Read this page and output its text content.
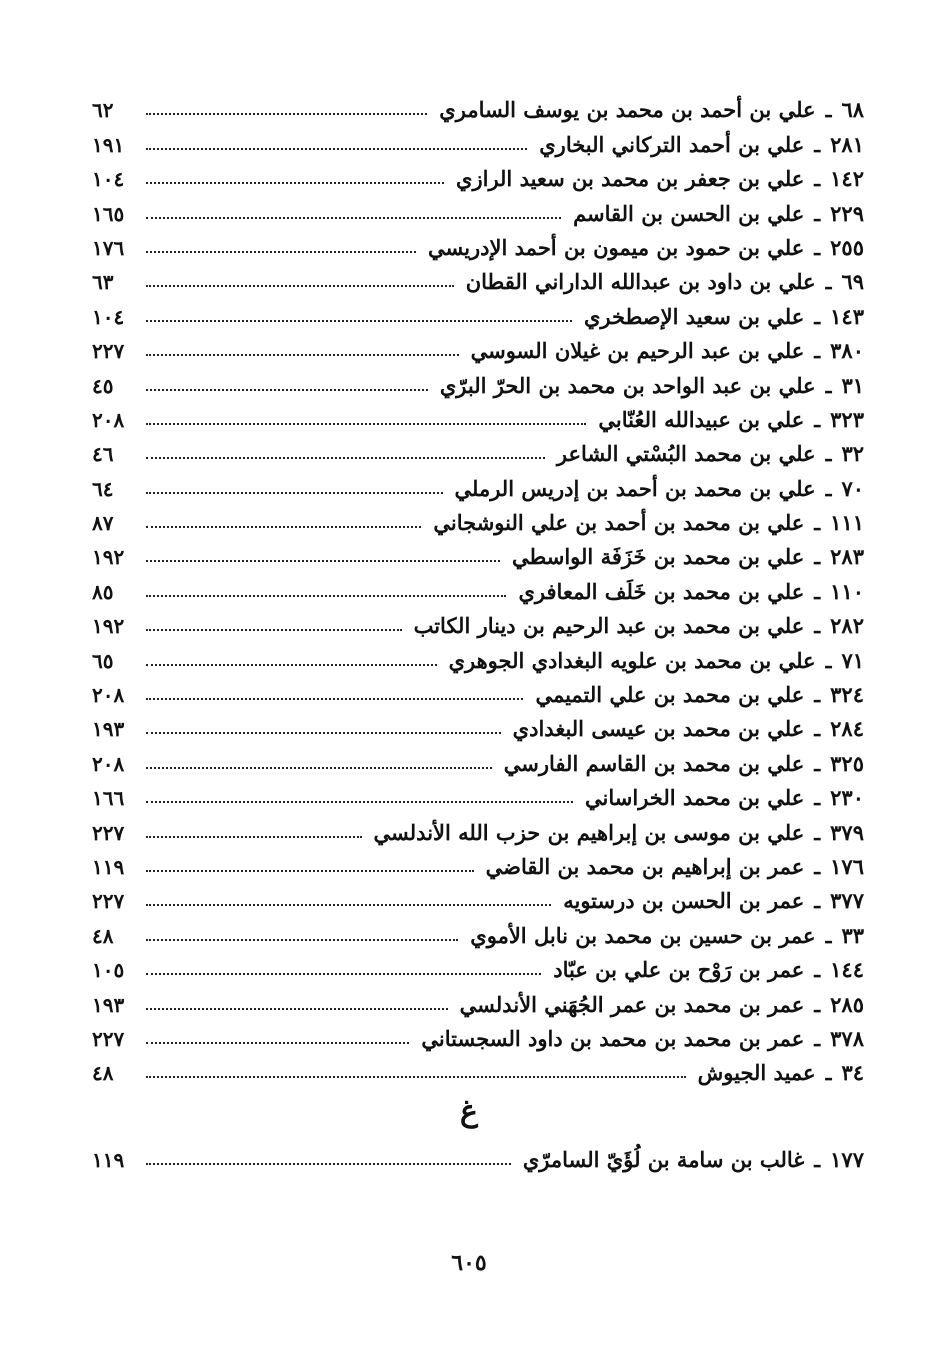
٦٨
ـ
علي بن أحمد بن محمد بن يوسف السامري
٦٢
٢٨١
ـ
علي بن أحمد التركاني البخاري
١٩١
١٤٢
ـ
علي بن جعفر بن محمد بن سعيد الرازي
١٠٤
٢٢٩
ـ
علي بن الحسن بن القاسم
١٦٥
٢٥٥
ـ
علي بن حمود بن ميمون بن أحمد الإدريسي
١٧٦
٦٩
ـ
علي بن داود بن عبدالله الداراني القطان
٦٣
١٤٣
ـ
علي بن سعيد الإصطخري
١٠٤
٣٨٠
ـ
علي بن عبد الرحيم بن غيلان السوسي
٢٢٧
٣١
ـ
علي بن عبد الواحد بن محمد بن الحرّ البرّي
٤٥
٣٢٣
ـ
علي بن عبيدالله العُنّابي
٢٠٨
٣٢
ـ
علي بن محمد البُسْتي الشاعر
٤٦
٧٠
ـ
علي بن محمد بن أحمد بن إدريس الرملي
٦٤
١١١
ـ
علي بن محمد بن أحمد بن علي النوشجاني
٨٧
٢٨٣
ـ
علي بن محمد بن خَزَفَة الواسطي
١٩٢
١١٠
ـ
علي بن محمد بن خَلَف المعافري
٨٥
٢٨٢
ـ
علي بن محمد بن عبد الرحيم بن دينار الكاتب
١٩٢
٧١
ـ
علي بن محمد بن علويه البغدادي الجوهري
٦٥
٣٢٤
ـ
علي بن محمد بن علي التميمي
٢٠٨
٢٨٤
ـ
علي بن محمد بن عيسى البغدادي
١٩٣
٣٢٥
ـ
علي بن محمد بن القاسم الفارسي
٢٠٨
٢٣٠
ـ
علي بن محمد الخراساني
١٦٦
٣٧٩
ـ
علي بن موسى بن إبراهيم بن حزب الله الأندلسي
٢٢٧
١٧٦
ـ
عمر بن إبراهيم بن محمد بن القاضي
١١٩
٣٧٧
ـ
عمر بن الحسن بن درستويه
٢٢٧
٣٣
ـ
عمر بن حسين بن محمد بن نابل الأموي
٤٨
١٤٤
ـ
عمر بن رَوْح بن علي بن عبّاد
١٠٥
٢٨٥
ـ
عمر بن محمد بن عمر الجُهَني الأندلسي
١٩٣
٣٧٨
ـ
عمر بن محمد بن محمد بن داود السجستاني
٢٢٧
٣٤
ـ
عميد الجيوش
٤٨
غ
١٧٧
ـ
غالب بن سامة بن لُؤَيّ السامرّي
١١٩
٦٠٥
